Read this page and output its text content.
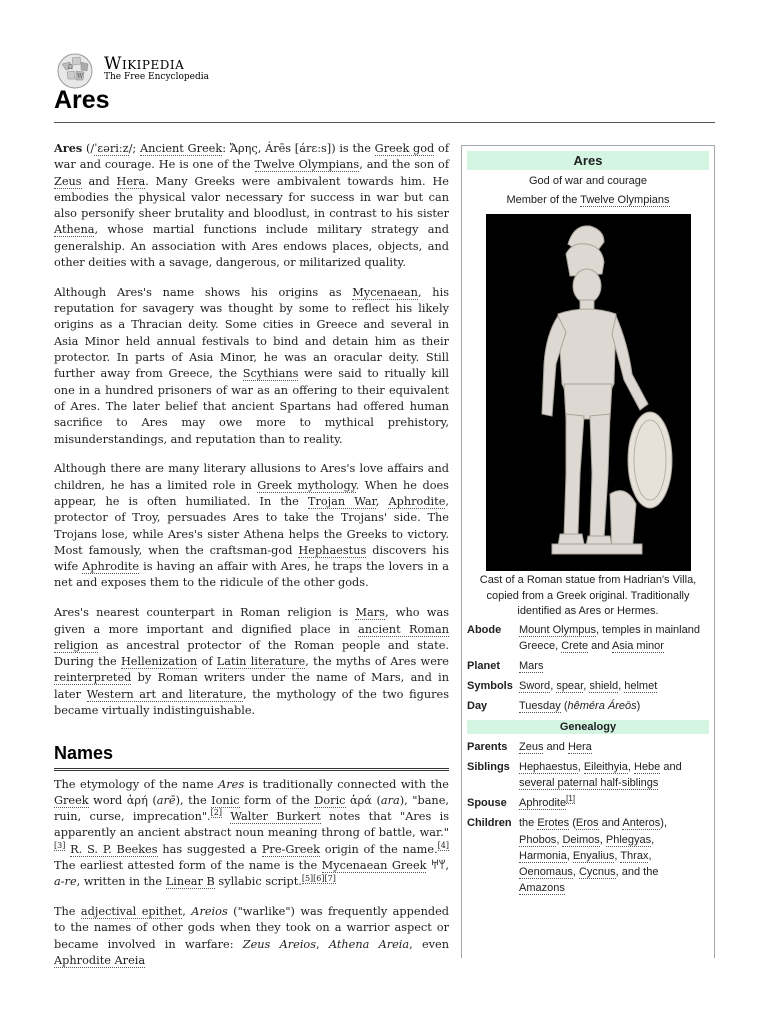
Ω
W
Wikipedia
The Free Encyclopedia
Ares

Ares (/ˈɛəriːz/; Ancient Greek: Ἄρης, Árēs [árɛːs]) is the Greek god of war and courage. He is one of the Twelve Olympians, and the son of Zeus and Hera. Many Greeks were ambivalent towards him. He embodies the physical valor necessary for success in war but can also personify sheer brutality and bloodlust, in contrast to his sister Athena, whose martial functions include military strategy and generalship. An association with Ares endows places, objects, and other deities with a savage, dangerous, or militarized quality.

Although Ares's name shows his origins as Mycenaean, his reputation for savagery was thought by some to reflect his likely origins as a Thracian deity. Some cities in Greece and several in Asia Minor held annual festivals to bind and detain him as their protector. In parts of Asia Minor, he was an oracular deity. Still further away from Greece, the Scythians were said to ritually kill one in a hundred prisoners of war as an offering to their equivalent of Ares. The later belief that ancient Spartans had offered human sacrifice to Ares may owe more to mythical prehistory, misunderstandings, and reputation than to reality.

Although there are many literary allusions to Ares's love affairs and children, he has a limited role in Greek mythology. When he does appear, he is often humiliated. In the Trojan War, Aphrodite, protector of Troy, persuades Ares to take the Trojans' side. The Trojans lose, while Ares's sister Athena helps the Greeks to victory. Most famously, when the craftsman-god Hephaestus discovers his wife Aphrodite is having an affair with Ares, he traps the lovers in a net and exposes them to the ridicule of the other gods.

Ares's nearest counterpart in Roman religion is Mars, who was given a more important and dignified place in ancient Roman religion as ancestral protector of the Roman people and state. During the Hellenization of Latin literature, the myths of Ares were reinterpreted by Roman writers under the name of Mars, and in later Western art and literature, the mythology of the two figures became virtually indistinguishable.

Names

The etymology of the name Ares is traditionally connected with the Greek word ἀρή (arē), the Ionic form of the Doric ἀρά (ara), "bane, ruin, curse, imprecation".[2] Walter Burkert notes that "Ares is apparently an ancient abstract noun meaning throng of battle, war."[3] R. S. P. Beekes has suggested a Pre-Greek origin of the name.[4] The earliest attested form of the name is the Mycenaean Greek 𐀀𐀩, a-re, written in the Linear B syllabic script.[5][6][7]

The adjectival epithet, Areios ("warlike") was frequently appended to the names of other gods when they took on a warrior aspect or became involved in warfare: Zeus Areios, Athena Areia, even Aphrodite Areia

Ares
God of war and courage
Member of the Twelve Olympians
Cast of a Roman statue from Hadrian's Villa, copied from a Greek original. Traditionally identified as Ares or Hermes.
Abode	Mount Olympus, temples in mainland Greece, Crete and Asia minor
Planet	Mars
Symbols Sword, spear, shield, helmet
Day	Tuesday (hêméra Áreōs)
Genealogy
Parents	Zeus and Hera
Siblings Hephaestus, Eileithyia, Hebe and several paternal half-siblings
Spouse	Aphrodite[1]
Children the Erotes (Eros and Anteros), Phobos, Deimos, Phlegyas, Harmonia, Enyalius, Thrax, Oenomaus, Cycnus, and the Amazons
